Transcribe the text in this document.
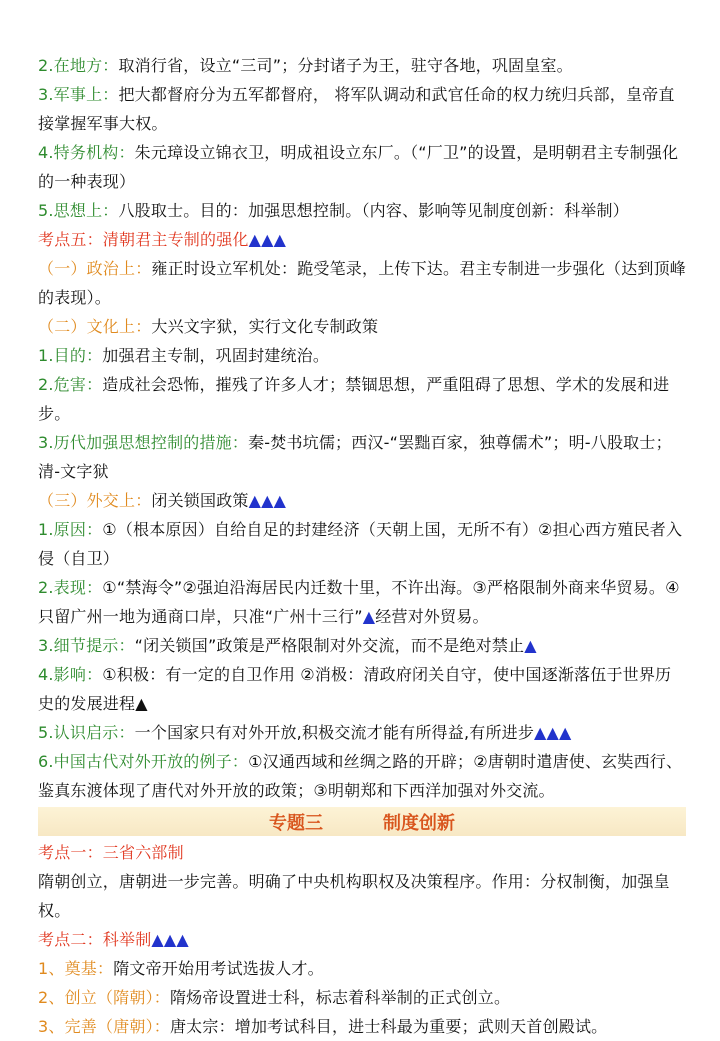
2.在地方：取消行省，设立“三司”；分封诸子为王，驻守各地，巩固皇室。

3.军事上：把大都督府分为五军都督府， 将军队调动和武官任命的权力统归兵部，皇帝直接掌握军事大权。

4.特务机构：朱元璋设立锦衣卫，明成祖设立东厂。（“厂卫”的设置，是明朝君主专制强化的一种表现）

5.思想上：八股取士。目的：加强思想控制。（内容、影响等见制度创新：科举制）

考点五：清朝君主专制的强化▲▲▲

（一）政治上：雍正时设立军机处：跪受笔录，上传下达。君主专制进一步强化（达到顶峰的表现）。

（二）文化上：大兴文字狱，实行文化专制政策

1.目的：加强君主专制，巩固封建统治。

2.危害：造成社会恐怖，摧残了许多人才；禁锢思想，严重阻碍了思想、学术的发展和进步。

3.历代加强思想控制的措施：秦-焚书坑儒；西汉-“罢黜百家，独尊儒术”；明-八股取士；清-文字狱

（三）外交上：闭关锁国政策▲▲▲

1.原因：①（根本原因）自给自足的封建经济（天朝上国，无所不有）②担心西方殖民者入侵（自卫）

2.表现：①“禁海令”②强迫沿海居民内迁数十里，不许出海。③严格限制外商来华贸易。④只留广州一地为通商口岸，只准“广州十三行”▲经营对外贸易。

3.细节提示：“闭关锁国”政策是严格限制对外交流，而不是绝对禁止▲

4.影响：①积极：有一定的自卫作用 ②消极：清政府闭关自守，使中国逐渐落伍于世界历史的发展进程▲

5.认识启示：一个国家只有对外开放,积极交流才能有所得益,有所进步▲▲▲

6.中国古代对外开放的例子：①汉通西域和丝绸之路的开辟；②唐朝时遣唐使、玄奘西行、鉴真东渡体现了唐代对外开放的政策；③明朝郑和下西洋加强对外交流。

专题三	制度创新

考点一：三省六部制

隋朝创立，唐朝进一步完善。明确了中央机构职权及决策程序。作用：分权制衡，加强皇权。

考点二：科举制▲▲▲

1、奠基：隋文帝开始用考试选拔人才。

2、创立（隋朝）：隋炀帝设置进士科，标志着科举制的正式创立。

3、完善（唐朝）：唐太宗：增加考试科目，进士科最为重要；武则天首创殿试。
